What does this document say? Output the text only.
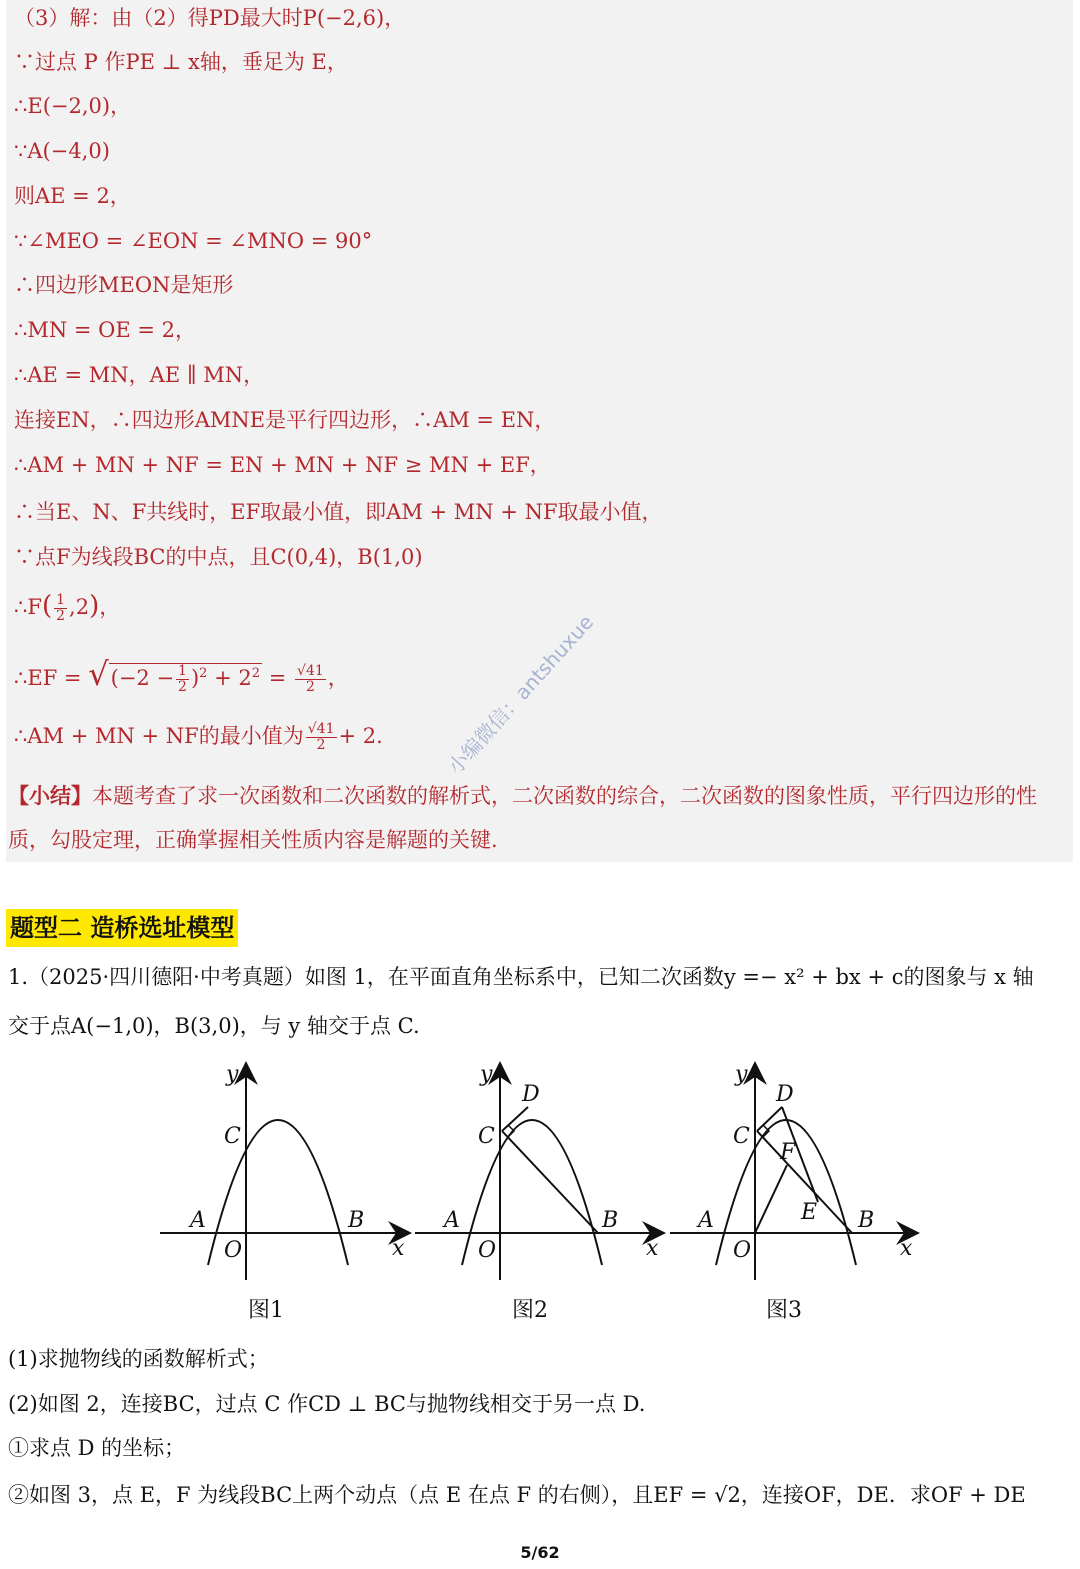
（3）解：由（2）得PD最大时P(−2,6)，
∵过点 P 作PE ⊥ x轴，垂足为 E，
∴E(−2,0)，
∵A(−4,0)
则AE = 2，
∵∠MEO = ∠EON = ∠MNO = 90°
∴四边形MEON是矩形
∴MN = OE = 2，
∴AE = MN，AE ∥ MN，
连接EN，∴四边形AMNE是平行四边形，∴AM = EN，
∴AM + MN + NF = EN + MN + NF ≥ MN + EF，
∴当E、N、F共线时，EF取最小值，即AM + MN + NF取最小值，
∵点F为线段BC的中点，且C(0,4)，B(1,0)
∴F( $\frac{1}{2} ,2$)，
∴EF = $√(-2 - \frac{1}{2} )^2 + 2^2 = \frac{√41}{2}$ ，
∴AM + MN + NF的最小值为 $\frac{√41}{2} + 2$.
【小结】本题考查了求一次函数和二次函数的解析式，二次函数的综合，二次函数的图象性质，平行四边形的性质，勾股定理，正确掌握相关性质内容是解题的关键.
小编微信：antshuxue
题型二 造桥选址模型
1.（2025·四川德阳·中考真题）如图 1，在平面直角坐标系中，已知二次函数y =− x² + bx + c的图象与 x 轴
交于点A(−1,0)，B(3,0)，与 y 轴交于点 C.
y
x
O
A	B
C
y
x
O
A	B
C
D
y
x
O
A	B
C
D
E
F
图1	图2	图3
(1)求抛物线的函数解析式；
(2)如图 2，连接BC，过点 C 作CD ⊥ BC与抛物线相交于另一点 D.
①求点 D 的坐标；
②如图 3，点 E，F 为线段BC上两个动点（点 E 在点 F 的右侧），且EF = √2，连接OF，DE．求OF + DE
5/62
